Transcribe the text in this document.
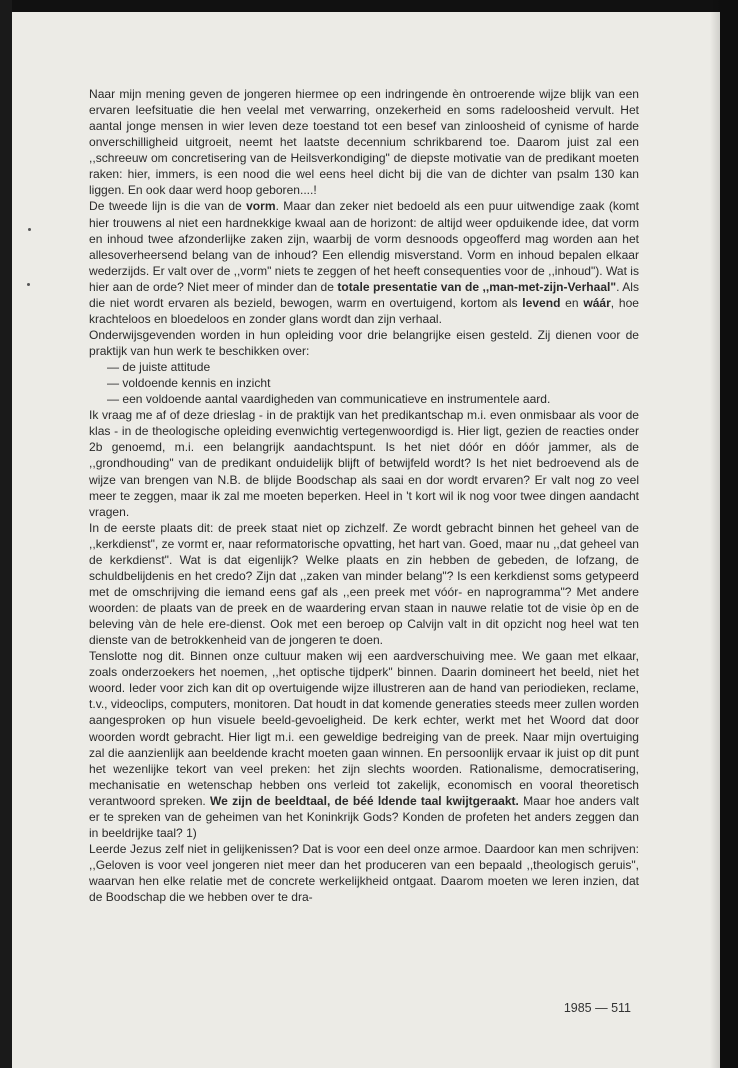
Naar mijn mening geven de jongeren hiermee op een indringende èn ontroerende wijze blijk van een ervaren leefsituatie die hen veelal met verwarring, onzekerheid en soms radeloosheid vervult. Het aantal jonge mensen in wier leven deze toestand tot een besef van zinloosheid of cynisme of harde onverschilligheid uitgroeit, neemt het laatste decennium schrikbarend toe. Daarom juist zal een ,,schreeuw om concretisering van de Heilsverkondiging" de diepste motivatie van de predikant moeten raken: hier, immers, is een nood die wel eens heel dicht bij die van de dichter van psalm 130 kan liggen. En ook daar werd hoop geboren....!

De tweede lijn is die van de vorm. Maar dan zeker niet bedoeld als een puur uitwendige zaak (komt hier trouwens al niet een hardnekkige kwaal aan de horizont: de altijd weer opduikende idee, dat vorm en inhoud twee afzonderlijke zaken zijn, waarbij de vorm desnoods opgeofferd mag worden aan het allesoverheersend belang van de inhoud? Een ellendig misverstand. Vorm en inhoud bepalen elkaar wederzijds. Er valt over de ,,vorm" niets te zeggen of het heeft consequenties voor de ,,inhoud"). Wat is hier aan de orde? Niet meer of minder dan de totale presentatie van de ,,man-met-zijn-Verhaal". Als die niet wordt ervaren als bezield, bewogen, warm en overtuigend, kortom als levend en wáár, hoe krachteloos en bloedeloos en zonder glans wordt dan zijn verhaal.

Onderwijsgevenden worden in hun opleiding voor drie belangrijke eisen gesteld. Zij dienen voor de praktijk van hun werk te beschikken over:

— de juiste attitude
— voldoende kennis en inzicht
— een voldoende aantal vaardigheden van communicatieve en instrumentele aard.

Ik vraag me af of deze drieslag - in de praktijk van het predikantschap m.i. even onmisbaar als voor de klas - in de theologische opleiding evenwichtig vertegenwoordigd is. Hier ligt, gezien de reacties onder 2b genoemd, m.i. een belangrijk aandachtspunt. Is het niet dóór en dóór jammer, als de ,,grondhouding" van de predikant onduidelijk blijft of betwijfeld wordt? Is het niet bedroevend als de wijze van brengen van N.B. de blijde Boodschap als saai en dor wordt ervaren? Er valt nog zo veel meer te zeggen, maar ik zal me moeten beperken. Heel in 't kort wil ik nog voor twee dingen aandacht vragen.

In de eerste plaats dit: de preek staat niet op zichzelf. Ze wordt gebracht binnen het geheel van de ,,kerkdienst", ze vormt er, naar reformatorische opvatting, het hart van. Goed, maar nu ,,dat geheel van de kerkdienst". Wat is dat eigenlijk? Welke plaats en zin hebben de gebeden, de lofzang, de schuldbelijdenis en het credo? Zijn dat ,,zaken van minder belang"? Is een kerkdienst soms getypeerd met de omschrijving die iemand eens gaf als ,,een preek met vóór- en naprogramma"? Met andere woorden: de plaats van de preek en de waardering ervan staan in nauwe relatie tot de visie òp en de beleving vàn de hele ere-dienst. Ook met een beroep op Calvijn valt in dit opzicht nog heel wat ten dienste van de betrokkenheid van de jongeren te doen.

Tenslotte nog dit. Binnen onze cultuur maken wij een aardverschuiving mee. We gaan met elkaar, zoals onderzoekers het noemen, ,,het optische tijdperk" binnen. Daarin domineert het beeld, niet het woord. Ieder voor zich kan dit op overtuigende wijze illustreren aan de hand van periodieken, reclame, t.v., videoclips, computers, monitoren. Dat houdt in dat komende generaties steeds meer zullen worden aangesproken op hun visuele beeld-gevoeligheid. De kerk echter, werkt met het Woord dat door woorden wordt gebracht. Hier ligt m.i. een geweldige bedreiging van de preek. Naar mijn overtuiging zal die aanzienlijk aan beeldende kracht moeten gaan winnen. En persoonlijk ervaar ik juist op dit punt het wezenlijke tekort van veel preken: het zijn slechts woorden. Rationalisme, democratisering, mechanisatie en wetenschap hebben ons verleid tot zakelijk, economisch en vooral theoretisch verantwoord spreken. We zijn de beeldtaal, de béé ldende taal kwijtgeraakt. Maar hoe anders valt er te spreken van de geheimen van het Koninkrijk Gods? Konden de profeten het anders zeggen dan in beeldrijke taal? 1)

Leerde Jezus zelf niet in gelijkenissen? Dat is voor een deel onze armoe. Daardoor kan men schrijven: ,,Geloven is voor veel jongeren niet meer dan het produceren van een bepaald ,,theologisch geruis", waarvan hen elke relatie met de concrete werkelijkheid ontgaat. Daarom moeten we leren inzien, dat de Boodschap die we hebben over te dra-

1985 — 511
